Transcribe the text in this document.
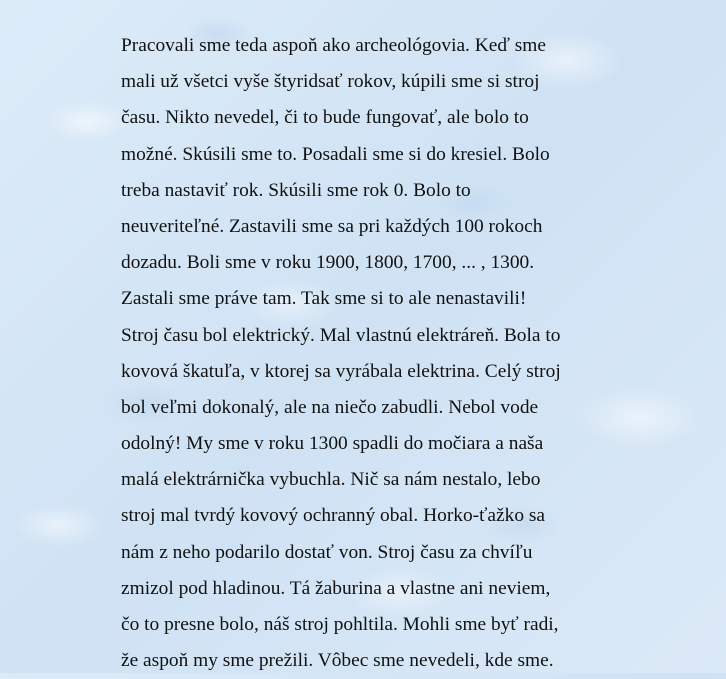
Pracovali sme teda aspoň ako archeológovia. Keď sme
mali už všetci vyše štyridsať rokov, kúpili sme si stroj
času. Nikto nevedel, či to bude fungovať, ale bolo to
možné. Skúsili sme to. Posadali sme si do kresiel. Bolo
treba nastaviť rok. Skúsili sme rok 0. Bolo to
neuveriteľné. Zastavili sme sa pri každých 100 rokoch
dozadu. Boli sme v roku 1900, 1800, 1700, ... , 1300.
Zastali sme práve tam. Tak sme si to ale nenastavili!
Stroj času bol elektrický. Mal vlastnú elektráreň. Bola to
kovová škatuľa, v ktorej sa vyrábala elektrina. Celý stroj
bol veľmi dokonalý, ale na niečo zabudli. Nebol vode
odolný! My sme v roku 1300 spadli do močiara a naša
malá elektrárnička vybuchla. Nič sa nám nestalo, lebo
stroj mal tvrdý kovový ochranný obal. Horko-ťažko sa
nám z neho podarilo dostať von. Stroj času za chvíľu
zmizol pod hladinou. Tá žaburina a vlastne ani neviem,
čo to presne bolo, náš stroj pohltila. Mohli sme byť radi,
že aspoň my sme prežili. Vôbec sme nevedeli, kde sme.
